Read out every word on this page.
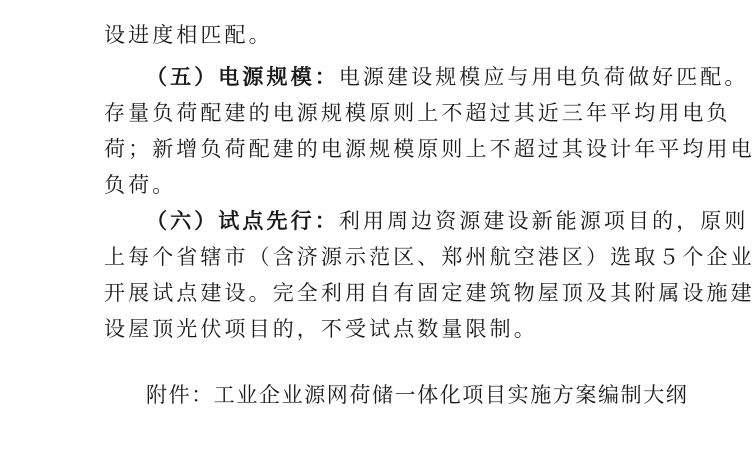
设进度相匹配。
（五）电源规模：电源建设规模应与用电负荷做好匹配。
存量负荷配建的电源规模原则上不超过其近三年平均用电负
荷；新增负荷配建的电源规模原则上不超过其设计年平均用电
负荷。
（六）试点先行：利用周边资源建设新能源项目的，原则
上每个省辖市（含济源示范区、郑州航空港区）选取５个企业
开展试点建设。完全利用自有固定建筑物屋顶及其附属设施建
设屋顶光伏项目的，不受试点数量限制。
附件：工业企业源网荷储一体化项目实施方案编制大纲
